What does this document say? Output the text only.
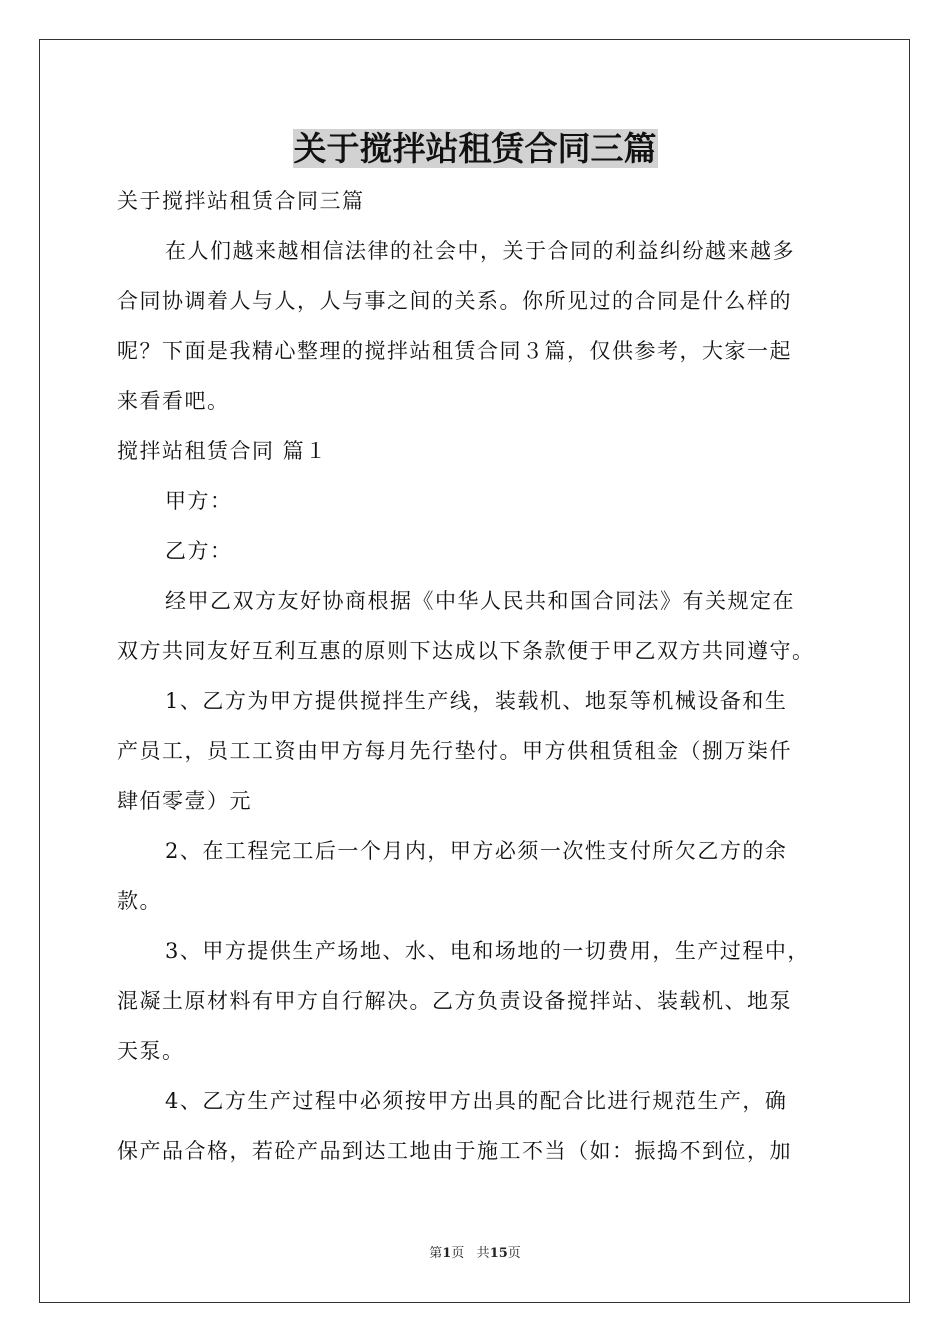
关于搅拌站租赁合同三篇
关于搅拌站租赁合同三篇
在人们越来越相信法律的社会中，关于合同的利益纠纷越来越多
合同协调着人与人，人与事之间的关系。你所见过的合同是什么样的
呢？下面是我精心整理的搅拌站租赁合同３篇，仅供参考，大家一起
来看看吧。
搅拌站租赁合同 篇１
甲方：
乙方：
经甲乙双方友好协商根据《中华人民共和国合同法》有关规定在
双方共同友好互利互惠的原则下达成以下条款便于甲乙双方共同遵守。
1、乙方为甲方提供搅拌生产线，装载机、地泵等机械设备和生
产员工，员工工资由甲方每月先行垫付。甲方供租赁租金（捌万柒仟
肆佰零壹）元
2、在工程完工后一个月内，甲方必须一次性支付所欠乙方的余
款。
3、甲方提供生产场地、水、电和场地的一切费用，生产过程中，
混凝土原材料有甲方自行解决。乙方负责设备搅拌站、装载机、地泵
天泵。
4、乙方生产过程中必须按甲方出具的配合比进行规范生产，确
保产品合格，若砼产品到达工地由于施工不当（如：振捣不到位，加
第1页 共15页
